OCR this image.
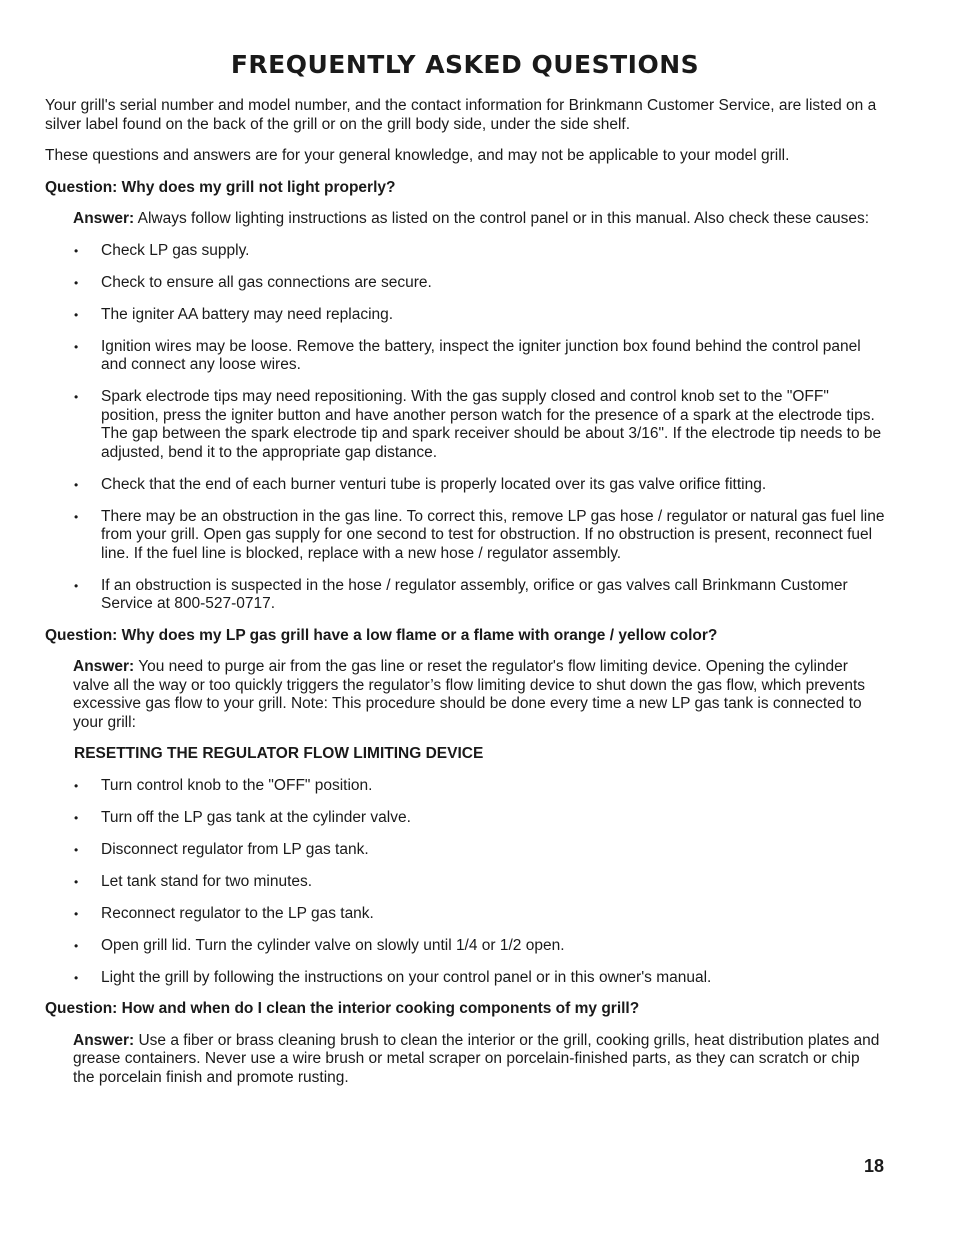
FREQUENTLY ASKED QUESTIONS

Your grill's serial number and model number, and the contact information for Brinkmann Customer Service, are listed on a silver label found on the back of the grill or on the grill body side, under the side shelf.

These questions and answers are for your general knowledge, and may not be applicable to your model grill.

Question: Why does my grill not light properly?

Answer: Always follow lighting instructions as listed on the control panel or in this manual. Also check these causes:

• Check LP gas supply.
• Check to ensure all gas connections are secure.
• The igniter AA battery may need replacing.
• Ignition wires may be loose. Remove the battery, inspect the igniter junction box found behind the control panel and connect any loose wires.
• Spark electrode tips may need repositioning. With the gas supply closed and control knob set to the "OFF" position, press the igniter button and have another person watch for the presence of a spark at the electrode tips. The gap between the spark electrode tip and spark receiver should be about 3/16". If the electrode tip needs to be adjusted, bend it to the appropriate gap distance.
• Check that the end of each burner venturi tube is properly located over its gas valve orifice fitting.
• There may be an obstruction in the gas line. To correct this, remove LP gas hose / regulator or natural gas fuel line from your grill. Open gas supply for one second to test for obstruction. If no obstruction is present, reconnect fuel line. If the fuel line is blocked, replace with a new hose / regulator assembly.
• If an obstruction is suspected in the hose / regulator assembly, orifice or gas valves call Brinkmann Customer Service at 800-527-0717.

Question: Why does my LP gas grill have a low flame or a flame with orange / yellow color?

Answer: You need to purge air from the gas line or reset the regulator's flow limiting device. Opening the cylinder valve all the way or too quickly triggers the regulator’s flow limiting device to shut down the gas flow, which prevents excessive gas flow to your grill. Note: This procedure should be done every time a new LP gas tank is connected to your grill:

RESETTING THE REGULATOR FLOW LIMITING DEVICE

• Turn control knob to the "OFF" position.
• Turn off the LP gas tank at the cylinder valve.
• Disconnect regulator from LP gas tank.
• Let tank stand for two minutes.
• Reconnect regulator to the LP gas tank.
• Open grill lid. Turn the cylinder valve on slowly until 1/4 or 1/2 open.
• Light the grill by following the instructions on your control panel or in this owner's manual.

Question: How and when do I clean the interior cooking components of my grill?

Answer: Use a fiber or brass cleaning brush to clean the interior or the grill, cooking grills, heat distribution plates and grease containers. Never use a wire brush or metal scraper on porcelain-finished parts, as they can scratch or chip the porcelain finish and promote rusting.

18
